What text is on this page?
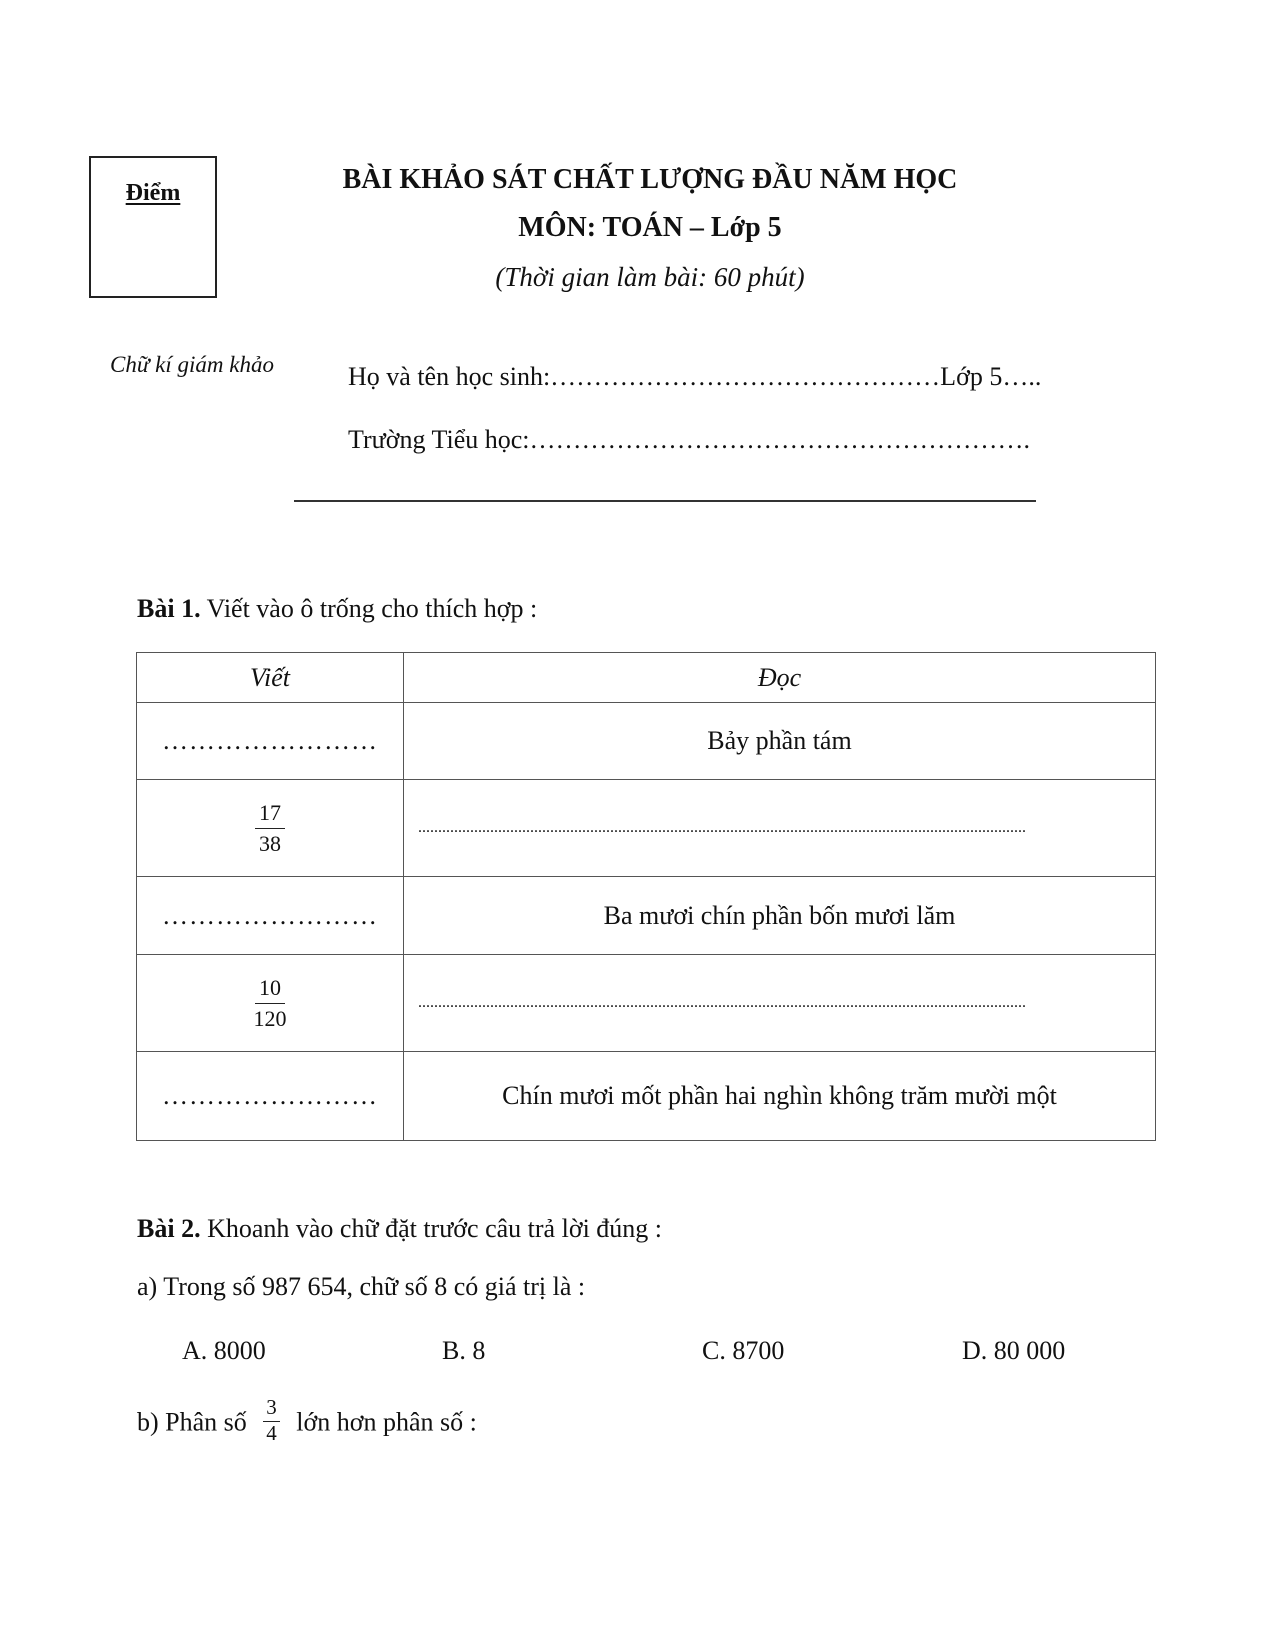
Điểm	BÀI KHẢO SÁT CHẤT LƯỢNG ĐẦU NĂM HỌC
MÔN: TOÁN – Lớp 5
(Thời gian làm bài: 60 phút)
Chữ kí giám khảo	Họ và tên học sinh:………………………………………Lớp 5…..
Trường Tiểu học:………………………………………………….
Bài 1. Viết vào ô trống cho thích hợp :
Viết	Đọc
……………………	Bảy phần tám

$\frac{17}{38}$	........................................................................................................................................................
……………………	Ba mươi chín phần bốn mươi lăm

$\frac{10}{120}$	........................................................................................................................................................
……………………	Chín mươi mốt phần hai nghìn không trăm mười một
Bài 2. Khoanh vào chữ đặt trước câu trả lời đúng :
a) Trong số 987 654, chữ số 8 có giá trị là :
A. 8000	B. 8	C. 8700	D. 80 000
b) Phân số $\frac{3}{4}$ lớn hơn phân số :
